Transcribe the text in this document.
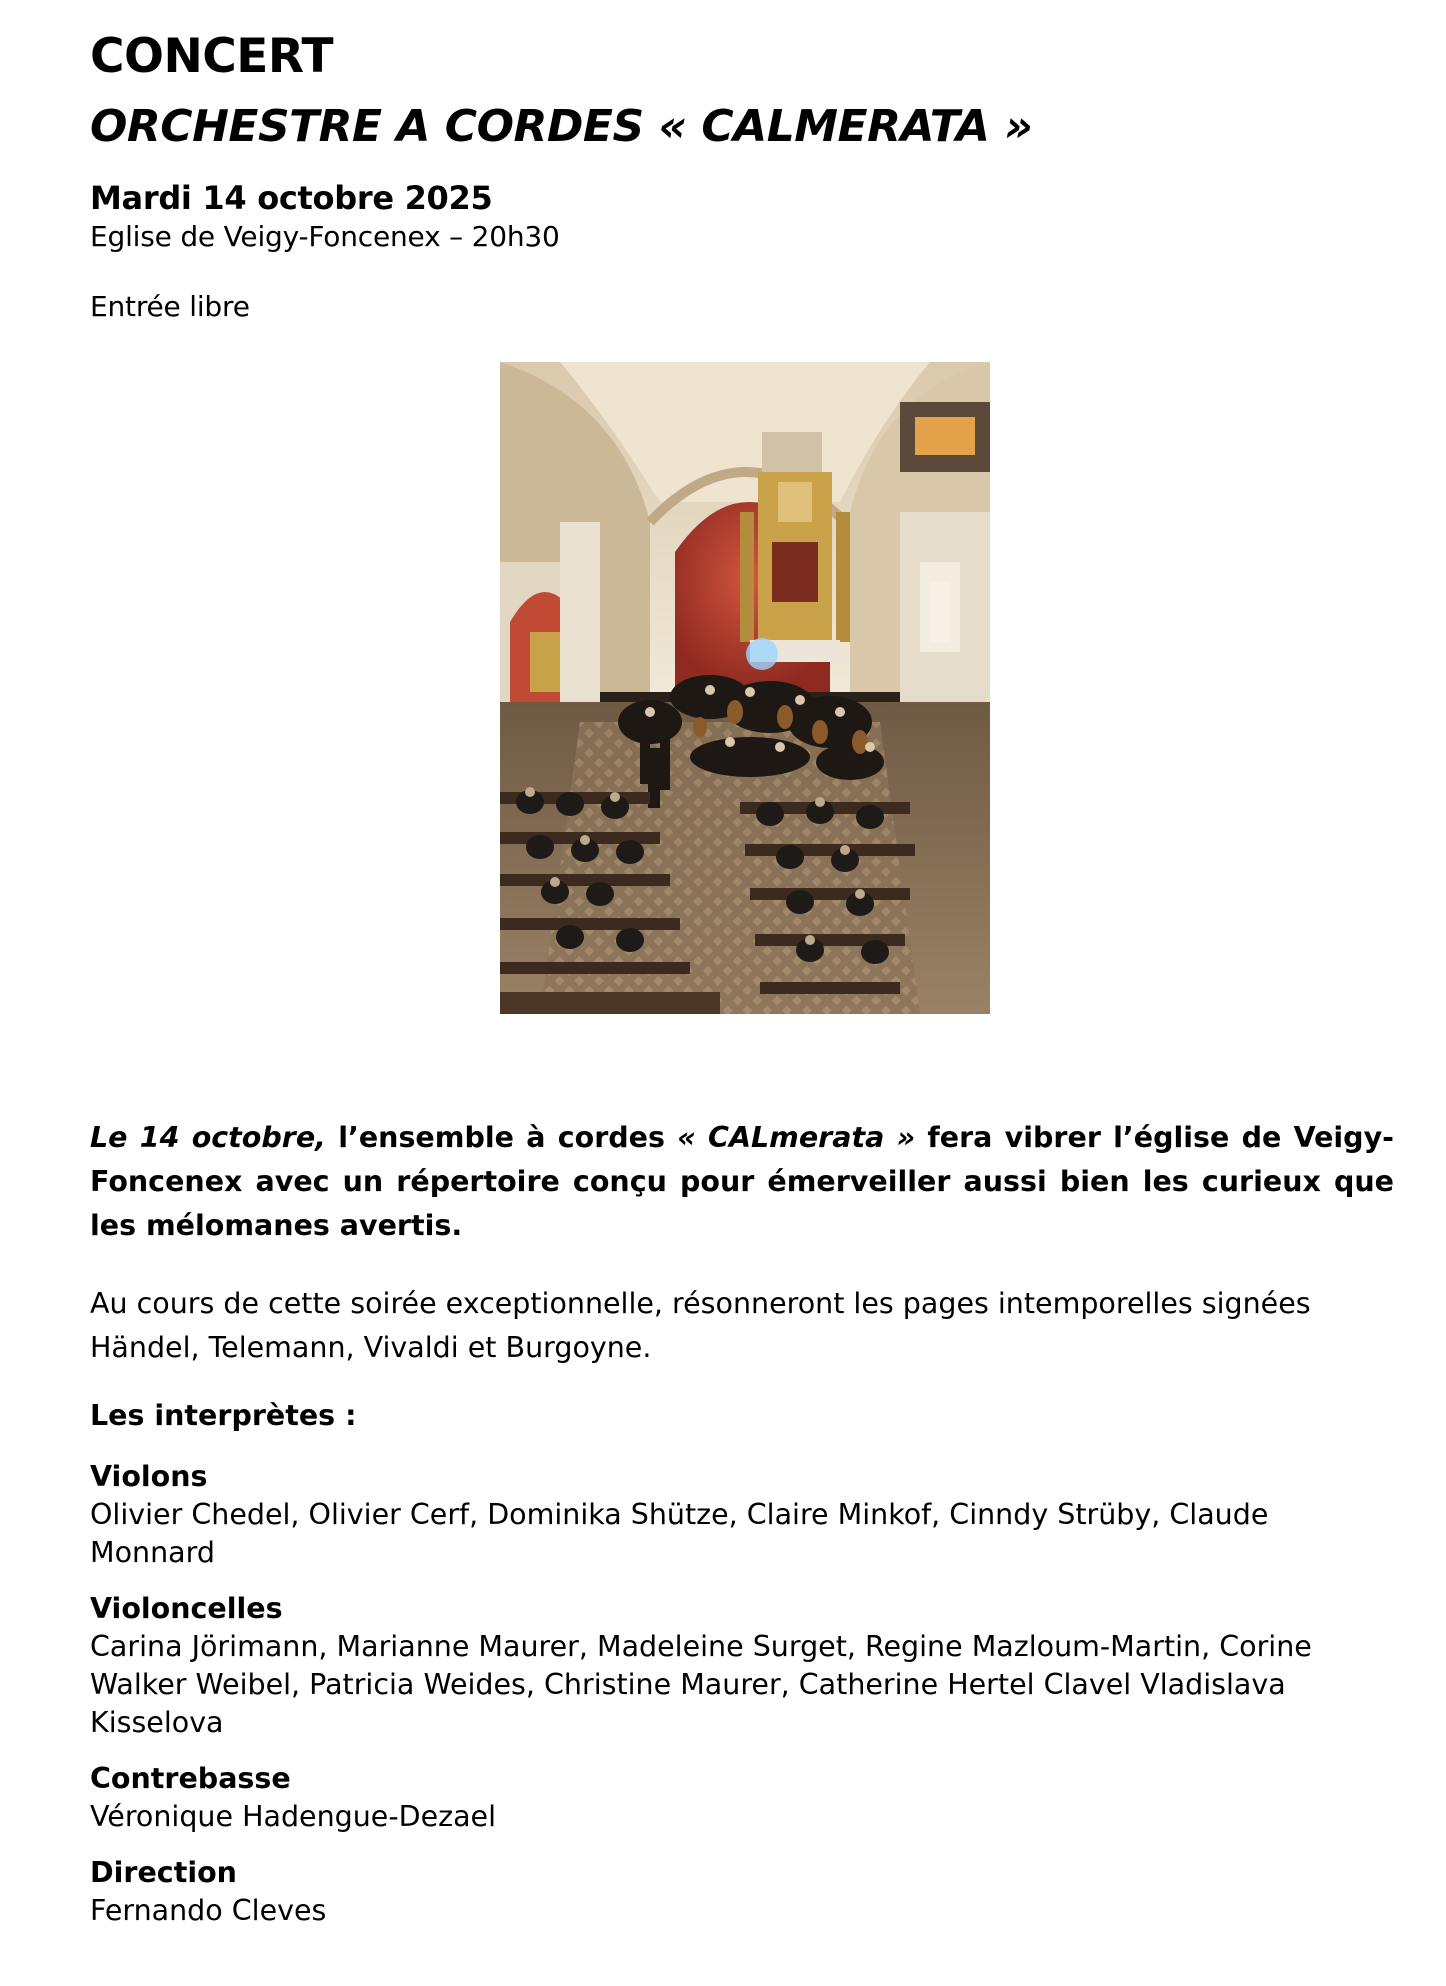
CONCERT
ORCHESTRE A CORDES « CALMERATA »

Mardi 14 octobre 2025

Eglise de Veigy-Foncenex – 20h30

Entrée libre

Le 14 octobre, l’ensemble à cordes « CALmerata » fera vibrer l’église de Veigy-Foncenex avec un répertoire conçu pour émerveiller aussi bien les curieux que les mélomanes avertis.

Au cours de cette soirée exceptionnelle, résonneront les pages intemporelles signées Händel, Telemann, Vivaldi et Burgoyne.

Les interprètes :

Violons

Olivier Chedel, Olivier Cerf, Dominika Shütze, Claire Minkof, Cinndy Strüby, Claude Monnard

Violoncelles

Carina Jörimann, Marianne Maurer, Madeleine Surget, Regine Mazloum-Martin, Corine Walker Weibel, Patricia Weides, Christine Maurer, Catherine Hertel Clavel Vladislava Kisselova

Contrebasse

Véronique Hadengue-Dezael

Direction

Fernando Cleves
